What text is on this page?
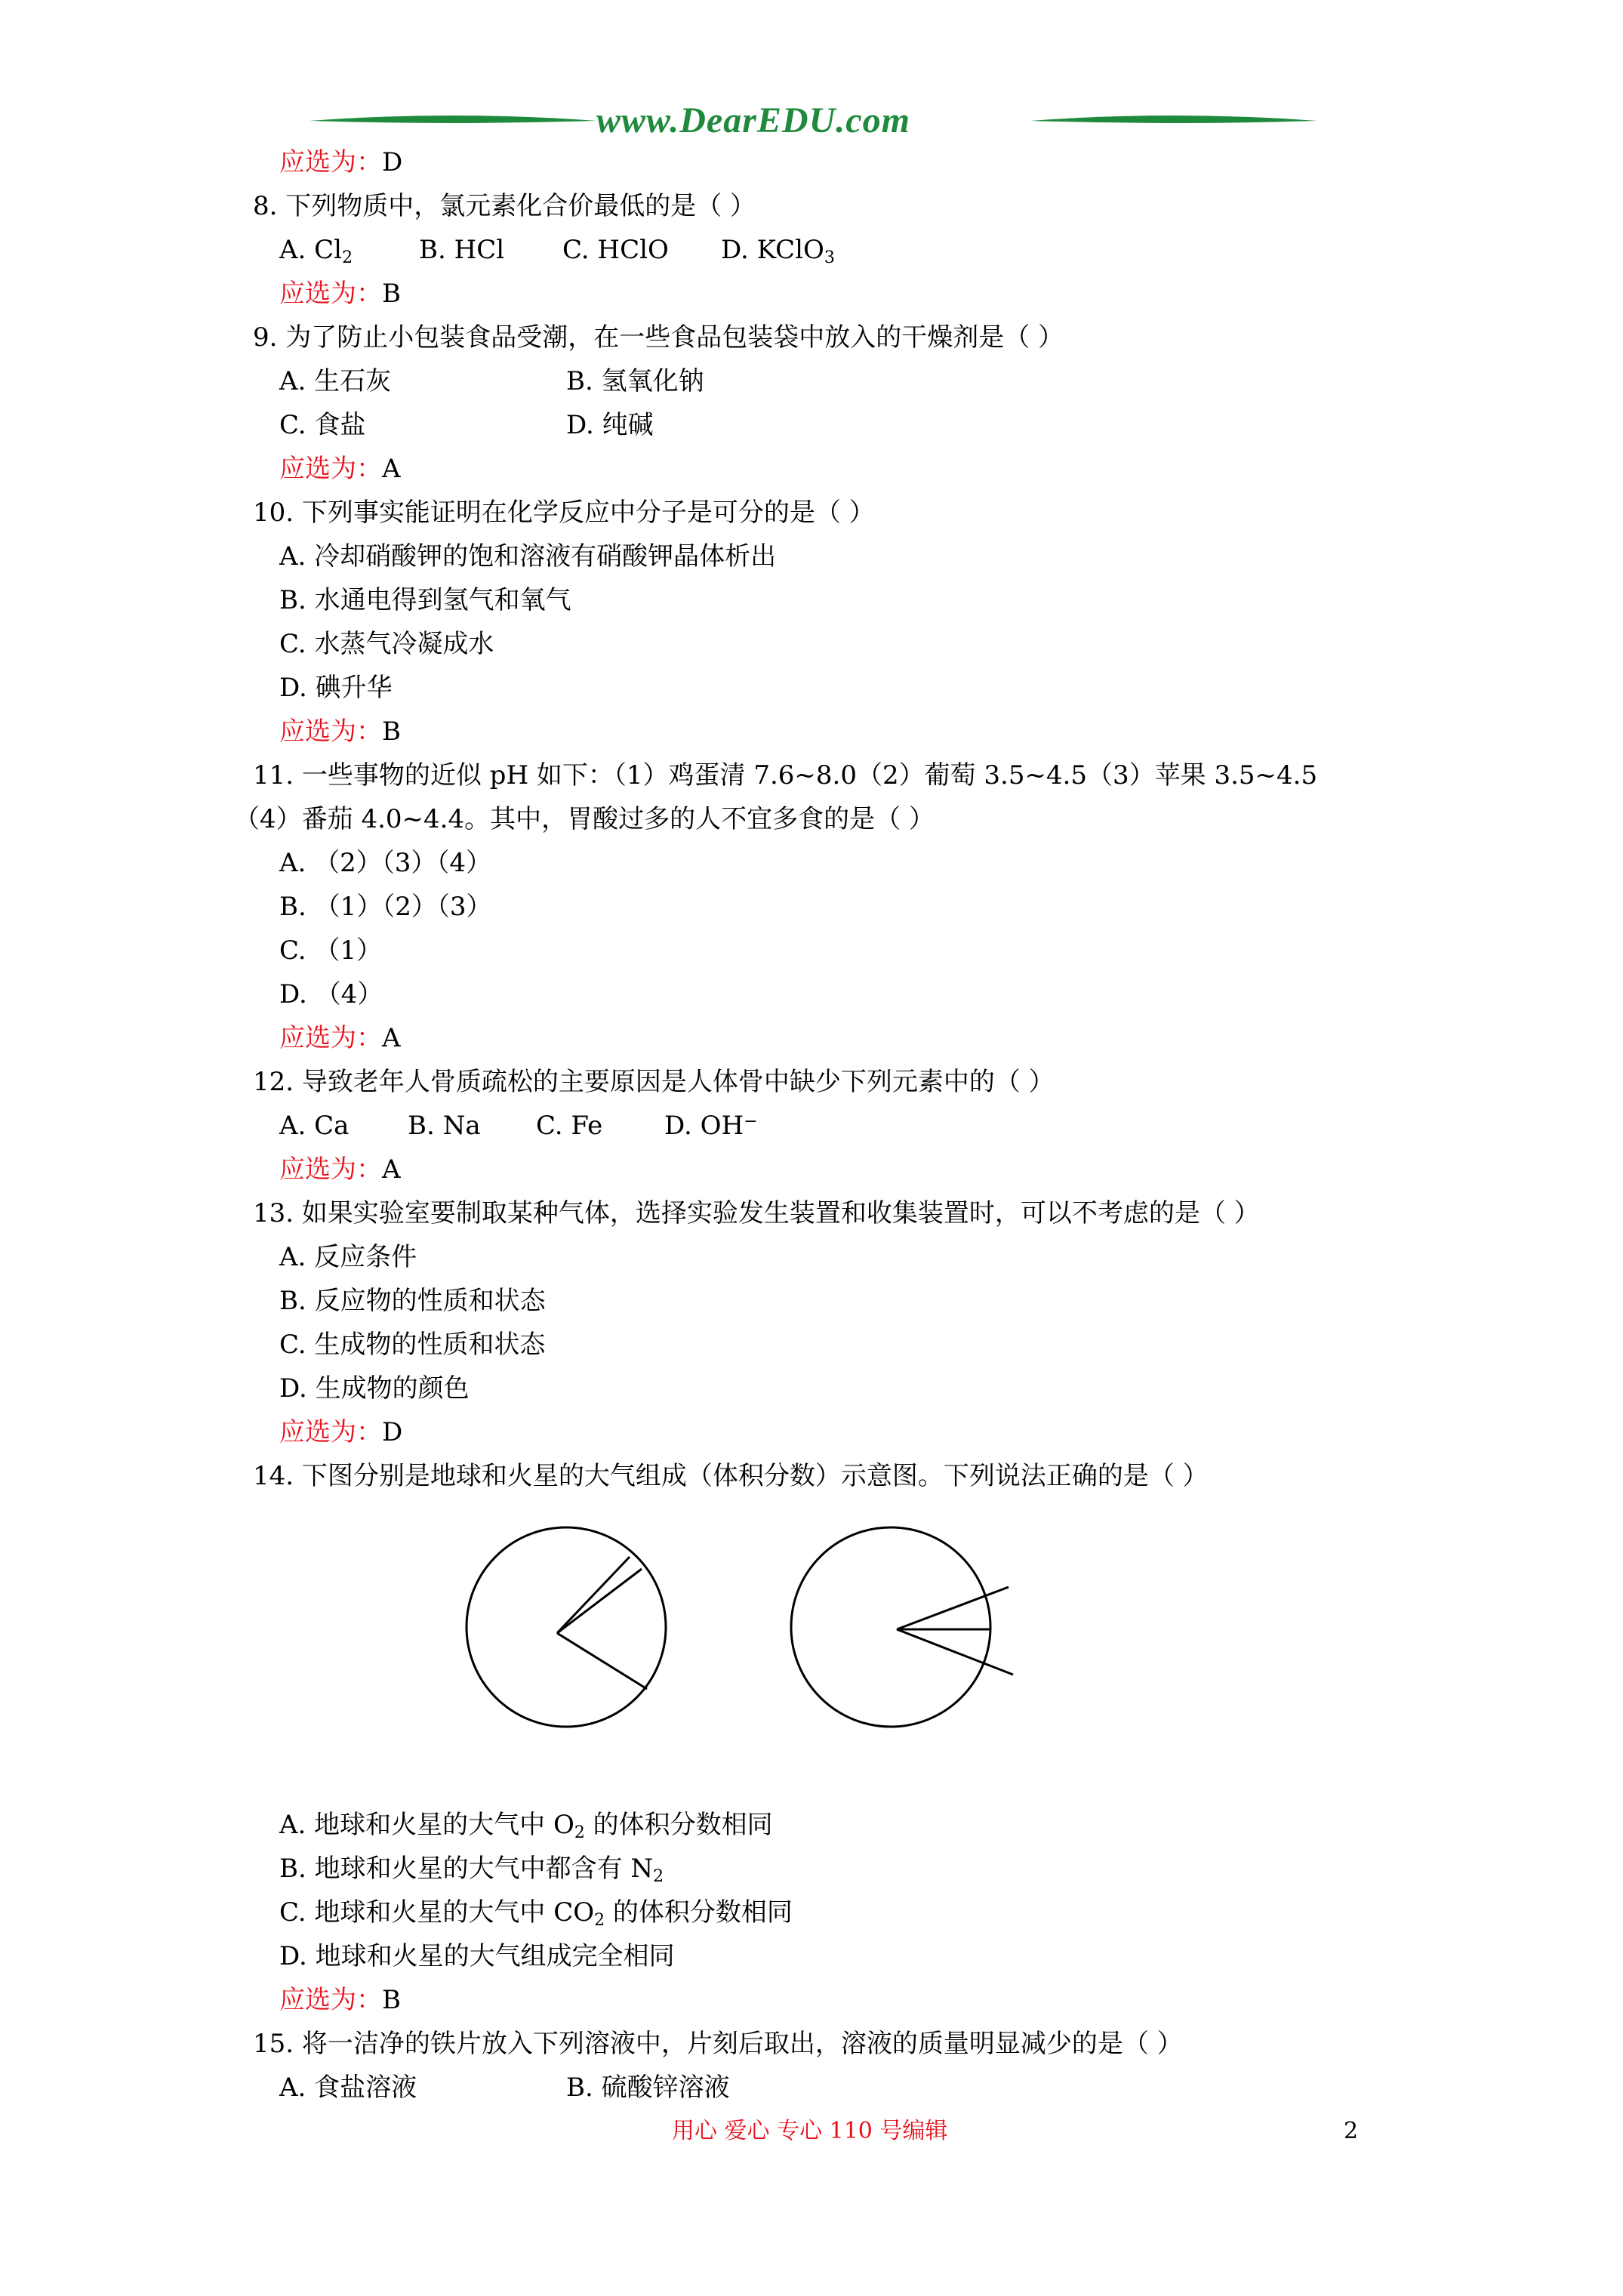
www.DearEDU.com
应选为：D
8. 下列物质中，氯元素化合价最低的是（ ）
A. $Cl_2$	B. HCl C. HClO D. KClO$_3$
应选为：B
9. 为了防止小包装食品受潮，在一些食品包装袋中放入的干燥剂是（ ）
A. 生石灰	B. 氢氧化钠
C. 食盐	D. 纯碱
应选为：A
10. 下列事实能证明在化学反应中分子是可分的是（ ）
A. 冷却硝酸钾的饱和溶液有硝酸钾晶体析出
B. 水通电得到氢气和氧气
C. 水蒸气冷凝成水
D. 碘升华
应选为：B
11. 一些事物的近似 pH 如下：（1）鸡蛋清 7.6~8.0（2）葡萄 3.5~4.5（3）苹果 3.5~4.5
（4）番茄 4.0~4.4。其中，胃酸过多的人不宜多食的是（ ）
A. （2）（3）（4）
B. （1）（2）（3）
C. （1）
D. （4）
应选为：A
12. 导致老年人骨质疏松的主要原因是人体骨中缺少下列元素中的（ ）
A. Ca B. Na C. Fe D. OH−
应选为：A
13. 如果实验室要制取某种气体，选择实验发生装置和收集装置时，可以不考虑的是（ ）
A. 反应条件
B. 反应物的性质和状态
C. 生成物的性质和状态
D. 生成物的颜色
应选为：D
14. 下图分别是地球和火星的大气组成（体积分数）示意图。下列说法正确的是（ ）
A. 地球和火星的大气中 $O_2$ 的体积分数相同
B. 地球和火星的大气中都含有 $N_2$
C. 地球和火星的大气中 $CO_2$ 的体积分数相同
D. 地球和火星的大气组成完全相同
应选为：B
15. 将一洁净的铁片放入下列溶液中，片刻后取出，溶液的质量明显减少的是（ ）
A. 食盐溶液	B. 硫酸锌溶液
用心 爱心 专心 110 号编辑	2
